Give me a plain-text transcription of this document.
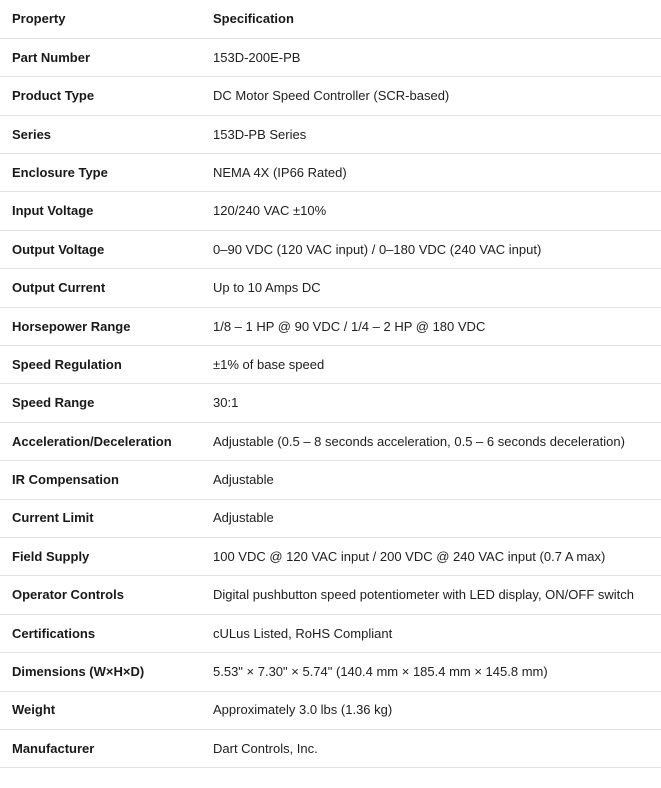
Property	Specification
Part Number	153D-200E-PB
Product Type	DC Motor Speed Controller (SCR-based)
Series	153D-PB Series
Enclosure Type	NEMA 4X (IP66 Rated)
Input Voltage	120/240 VAC ±10%
Output Voltage	0–90 VDC (120 VAC input) / 0–180 VDC (240 VAC input)
Output Current	Up to 10 Amps DC
Horsepower Range	1/8 – 1 HP @ 90 VDC / 1/4 – 2 HP @ 180 VDC
Speed Regulation	±1% of base speed
Speed Range	30:1
Acceleration/Deceleration	Adjustable (0.5 – 8 seconds acceleration, 0.5 – 6 seconds deceleration)
IR Compensation	Adjustable
Current Limit	Adjustable
Field Supply	100 VDC @ 120 VAC input / 200 VDC @ 240 VAC input (0.7 A max)
Operator Controls	Digital pushbutton speed potentiometer with LED display, ON/OFF switch
Certifications	cULus Listed, RoHS Compliant
Dimensions (W×H×D)	5.53" × 7.30" × 5.74" (140.4 mm × 185.4 mm × 145.8 mm)
Weight	Approximately 3.0 lbs (1.36 kg)
Manufacturer	Dart Controls, Inc.
